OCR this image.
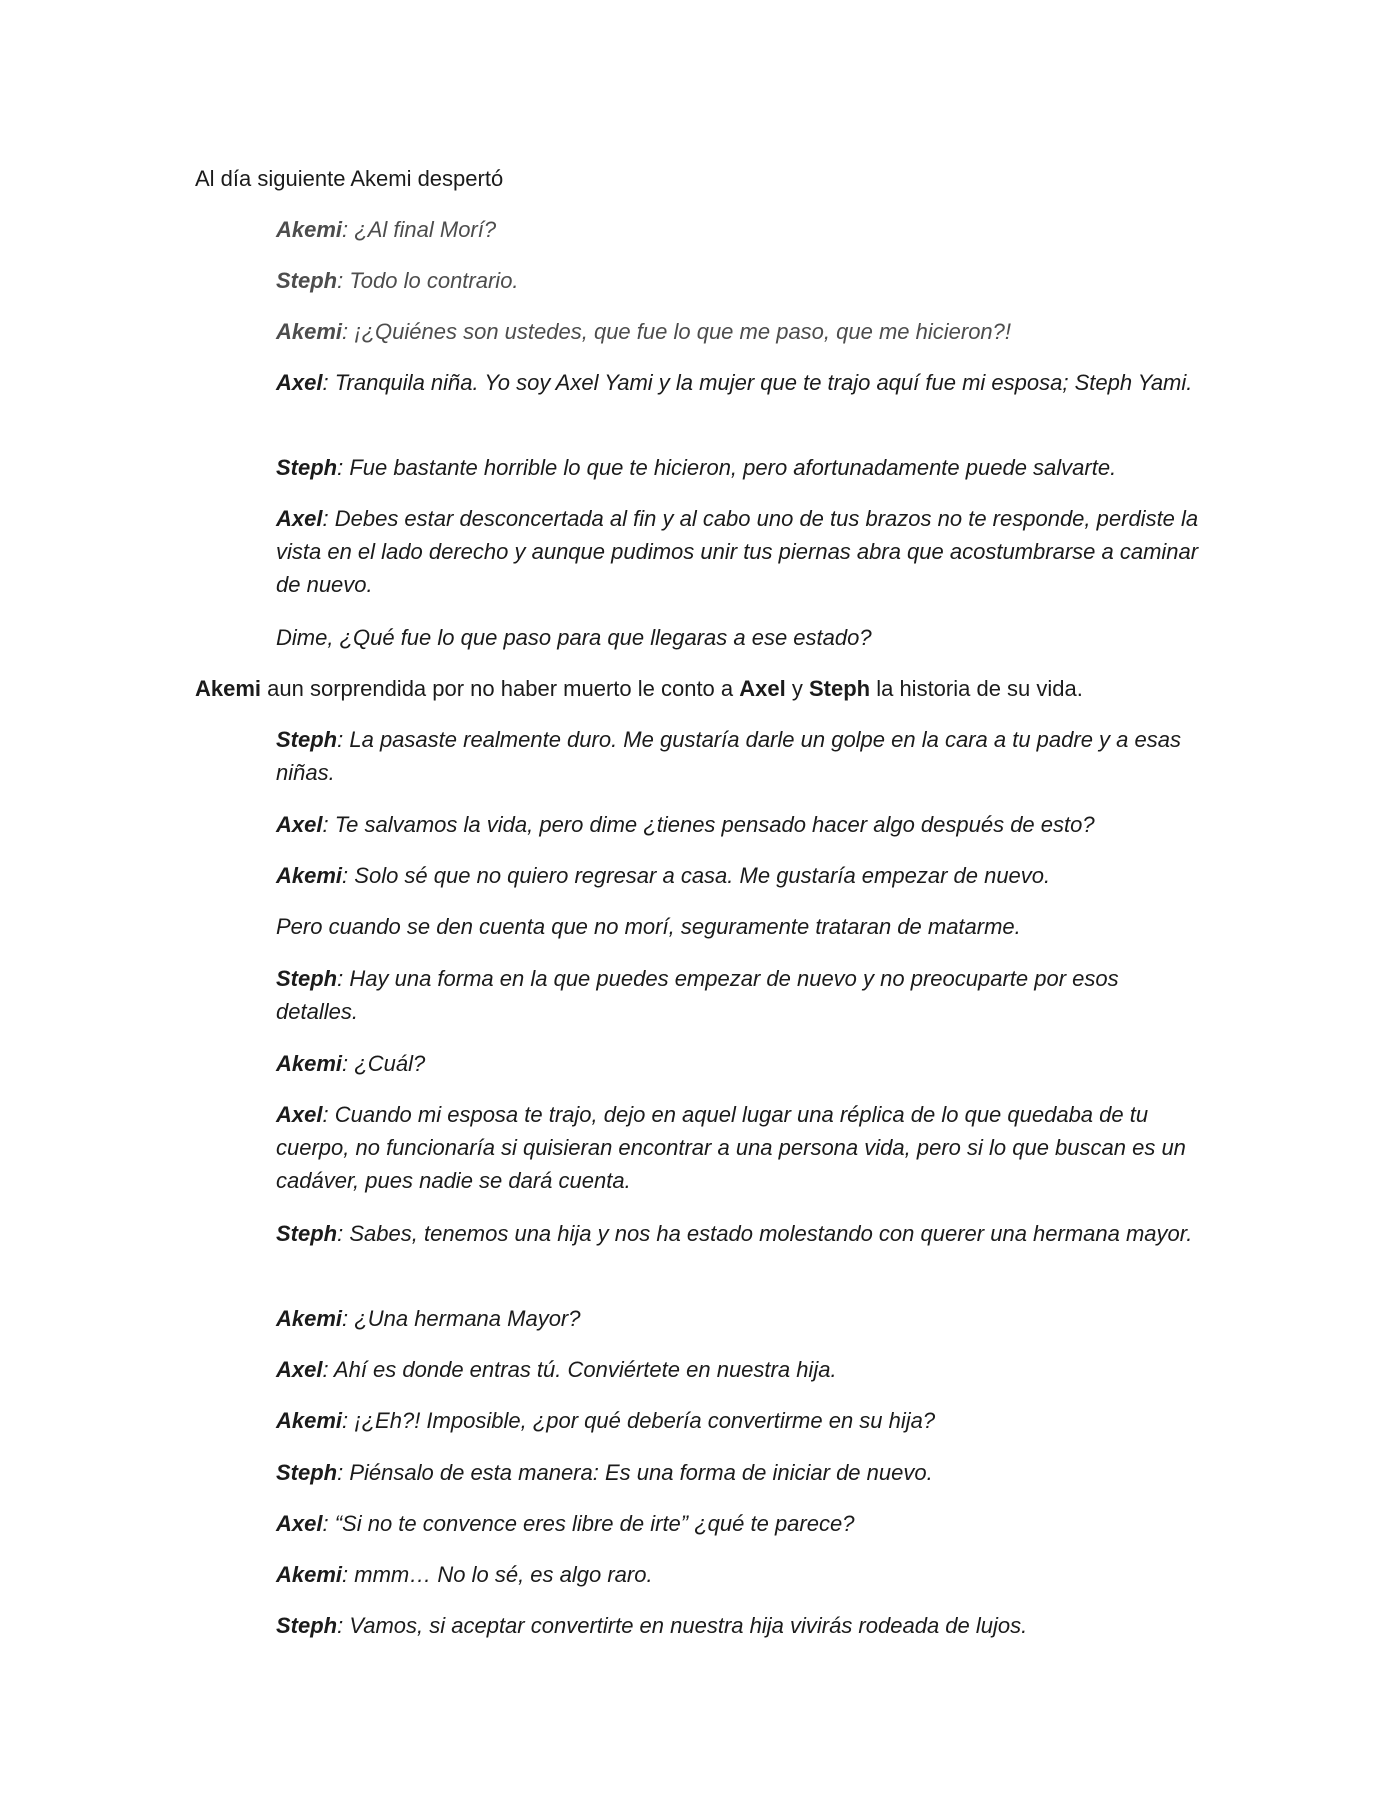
Al día siguiente Akemi despertó

Akemi: ¿Al final Morí?

Steph: Todo lo contrario.

Akemi: ¡¿Quiénes son ustedes, que fue lo que me paso, que me hicieron?!

Axel: Tranquila niña. Yo soy Axel Yami y la mujer que te trajo aquí fue mi esposa; Steph Yami.

Steph: Fue bastante horrible lo que te hicieron, pero afortunadamente puede salvarte.

Axel: Debes estar desconcertada al fin y al cabo uno de tus brazos no te responde, perdiste la vista en el lado derecho y aunque pudimos unir tus piernas abra que acostumbrarse a caminar de nuevo.

Dime, ¿Qué fue lo que paso para que llegaras a ese estado?

Akemi aun sorprendida por no haber muerto le conto a Axel y Steph la historia de su vida.

Steph: La pasaste realmente duro. Me gustaría darle un golpe en la cara a tu padre y a esas niñas.

Axel: Te salvamos la vida, pero dime ¿tienes pensado hacer algo después de esto?

Akemi: Solo sé que no quiero regresar a casa. Me gustaría empezar de nuevo.

Pero cuando se den cuenta que no morí, seguramente trataran de matarme.

Steph: Hay una forma en la que puedes empezar de nuevo y no preocuparte por esos detalles.

Akemi: ¿Cuál?

Axel: Cuando mi esposa te trajo, dejo en aquel lugar una réplica de lo que quedaba de tu cuerpo, no funcionaría si quisieran encontrar a una persona vida, pero si lo que buscan es un cadáver, pues nadie se dará cuenta.

Steph: Sabes, tenemos una hija y nos ha estado molestando con querer una hermana mayor.

Akemi: ¿Una hermana Mayor?

Axel: Ahí es donde entras tú. Conviértete en nuestra hija.

Akemi: ¡¿Eh?! Imposible, ¿por qué debería convertirme en su hija?

Steph: Piénsalo de esta manera: Es una forma de iniciar de nuevo.

Axel: “Si no te convence eres libre de irte” ¿qué te parece?

Akemi: mmm… No lo sé, es algo raro.

Steph: Vamos, si aceptar convertirte en nuestra hija vivirás rodeada de lujos.
